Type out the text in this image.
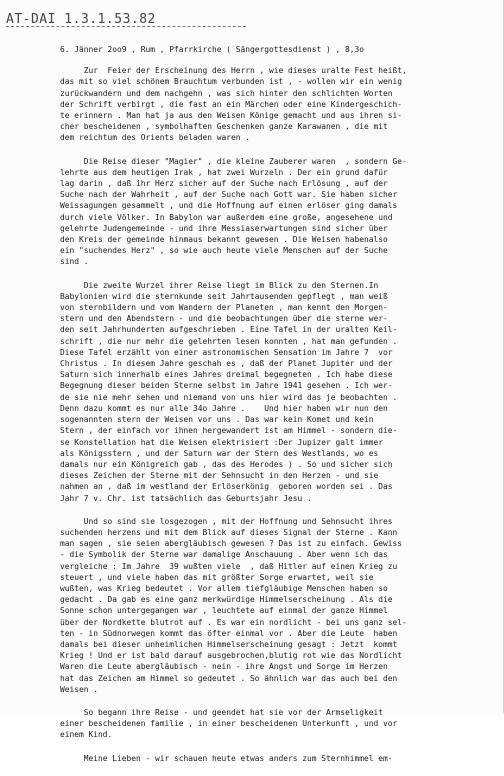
AT-DAI 1.3.1.53.82
6. Jänner 2oo9 , Rum , Pfarrkirche ( Sängergottesdienst ) , 8,3o
Zur  Feier der Erscheinung des Herrn , wie dieses uralte Fest heißt,
das mit so viel schönem Brauchtum verbunden ist , - wollen wir ein wenig
zurückwandern und dem nachgehn , was sich hinter den schlichten Worten
der Schrift verbirgt , die fast an ein Märchen oder eine Kindergeschich-
te erinnern . Man hat ja aus den Weisen Könige gemacht und aus ihren si-
cher bescheidenen , symbolhaften Geschenken ganze Karawanen , die mit
dem reichtum des Orients beladen waren .
Die Reise dieser "Magier" , die kleine Zauberer waren  , sondern Ge-
lehrte aus dem heutigen Irak , hat zwei Wurzeln . Der ein grund dafür
lag darin , daß ihr Herz sicher auf der Suche nach Erlösung , auf der
Suche nach der Wahrheit , auf der Suche nach Gott war. Sie haben sicher
Weissagungen gesammelt , und die Hoffnung auf einen erlöser ging damals
durch viele Völker. In Babylon war außerdem eine große, angesehene und
gelehrte Judengemeinde - und ihre Messiaserwartungen sind sicher über
den Kreis der gemeinde hinmaus bekannt gewesen . Die Weisen habenalso
ein "suchendes Herz" , so wie auch heute viele Menschen auf der Suche
sind .
Die zweite Wurzel ihrer Reise liegt im Blick zu den Sternen.In
Babylonien wird die sternkunde seit Jahrtausenden gepflegt , man weiß
von sternbildern und vom Wandern der Planeten , man kennt den Morgen-
stern und den Abendstern - und die beobachtungen über die sterne wer-
den seit Jahrhunderten aufgeschrieben . Eine Tafel in der uralten Keil-
schrift , die nur mehr die gelehrten lesen konnten , hat man gefunden .
Diese Tafel erzählt von einer astronomischen Sensation im Jahre 7  vor
Christus . In diesem Jahre geschah es , daß der Planet Jupiter und der
Saturn sich innerhalb eines Jahres dreimal begegneten . Ich habe diese
Begegnung dieser beiden Sterne selbst im Jahre 1941 gesehen . Ich wer-
de sie nie mehr sehen und niemand von uns hier wird das je beobachten .
Denn dazu kommt es nur alle 34o Jahre .    Und hier haben wir nun den
sogenannten stern der Weisen vor uns . Das war kein Komet und kein
Stern , der einfach vor ihnen hergewandert ist am Himmel - sondern die-
se Konstellation hat die Weisen elektrisiert :Der Jupizer galt immer
als Königsstern , und der Saturn war der Stern des Westlands, wo es
damals nur ein Königreich gab , das des Herodes ) . So und sicher sich
dieses Zeichen der Sterne mit der Sehnsucht in den Herzen - und sie
nahmen an , daß im westland der Erlöserkönig  geboren worden sei . Das
Jahr 7 v. Chr. ist tatsächlich das Geburtsjahr Jesu .
Und so sind sie losgezogen , mit der Hoffnung und Sehnsucht ihres
suchenden herzens und mit dem Blick auf dieses Signal der Sterne . Kann
man sagen , sie seien abergläubisch gewesen ? Das ist zu einfach. Gewiss
- die Symbolik der Sterne war damalige Anschauung . Aber wenn ich das
vergleiche : Im Jahre  39 wußten viele  , daß Hitler auf einen Krieg zu
steuert , und viele haben das mit größter Sorge erwartet, weil sie
wußten, was Krieg bedeutet . Vor allem tiefgläubige Menschen haben so
gedacht . Da gab es eine ganz merkwürdige Himmelserscheinung . Als die
Sonne schon untergegangen war , leuchtete auf einmal der ganze Himmel
über der Nordkette blutrot auf . Es war ein nordlicht - bei uns ganz sel-
ten - in Südnorwegen kommt das öfter einmal vor . Aber die Leute  haben
damals bei dieser unheimlichen Himmelserscheinung gesagt : Jetzt  kommt
Krieg ! Und er ist bald darauf ausgebrochen,blutig rot wie das Nordlicht
Waren die Leute abergläubisch - nein - ihre Angst und Sorge im Herzen
hat das Zeichen am Himmel so gedeutet . So ähnlich war das auch bei den
Weisen .
So begann ihre Reise - und geendet hat sie vor der Armseligkeit
einer bescheidenen familie , in einer bescheidenen Unterkunft , und vor
einem Kind.
Meine Lieben - wir schauen heute etwas anders zum Sternhimmel em-
